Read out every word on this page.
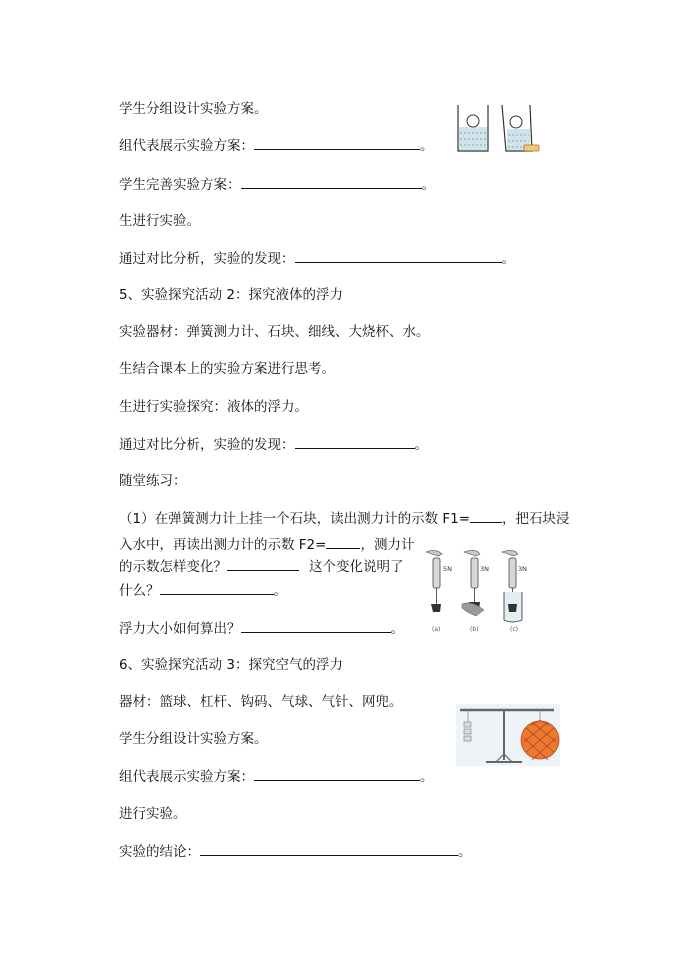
学生分组设计实验方案。
组代表展示实验方案：	。
学生完善实验方案：	。
生进行实验。
通过对比分析，实验的发现：	。
5、实验探究活动 2：探究液体的浮力
实验器材：弹簧测力计、石块、细线、大烧杯、水。
生结合课本上的实验方案进行思考。
生进行实验探究：液体的浮力。
通过对比分析，实验的发现：	。
随堂练习：
（1）在弹簧测力计上挂一个石块，读出测力计的示数 F1= ，把石块浸
入水中，再读出测力计的示数 F2=	，测力计
的示数怎样变化？	这个变化说明了
什么？	。
浮力大小如何算出？	。
6、实验探究活动 3：探究空气的浮力
器材：篮球、杠杆、钩码、气球、气针、网兜。
学生分组设计实验方案。
组代表展示实验方案：	。
进行实验。
实验的结论：	。
5N	3N	3N
(a)	(b)	(c)
